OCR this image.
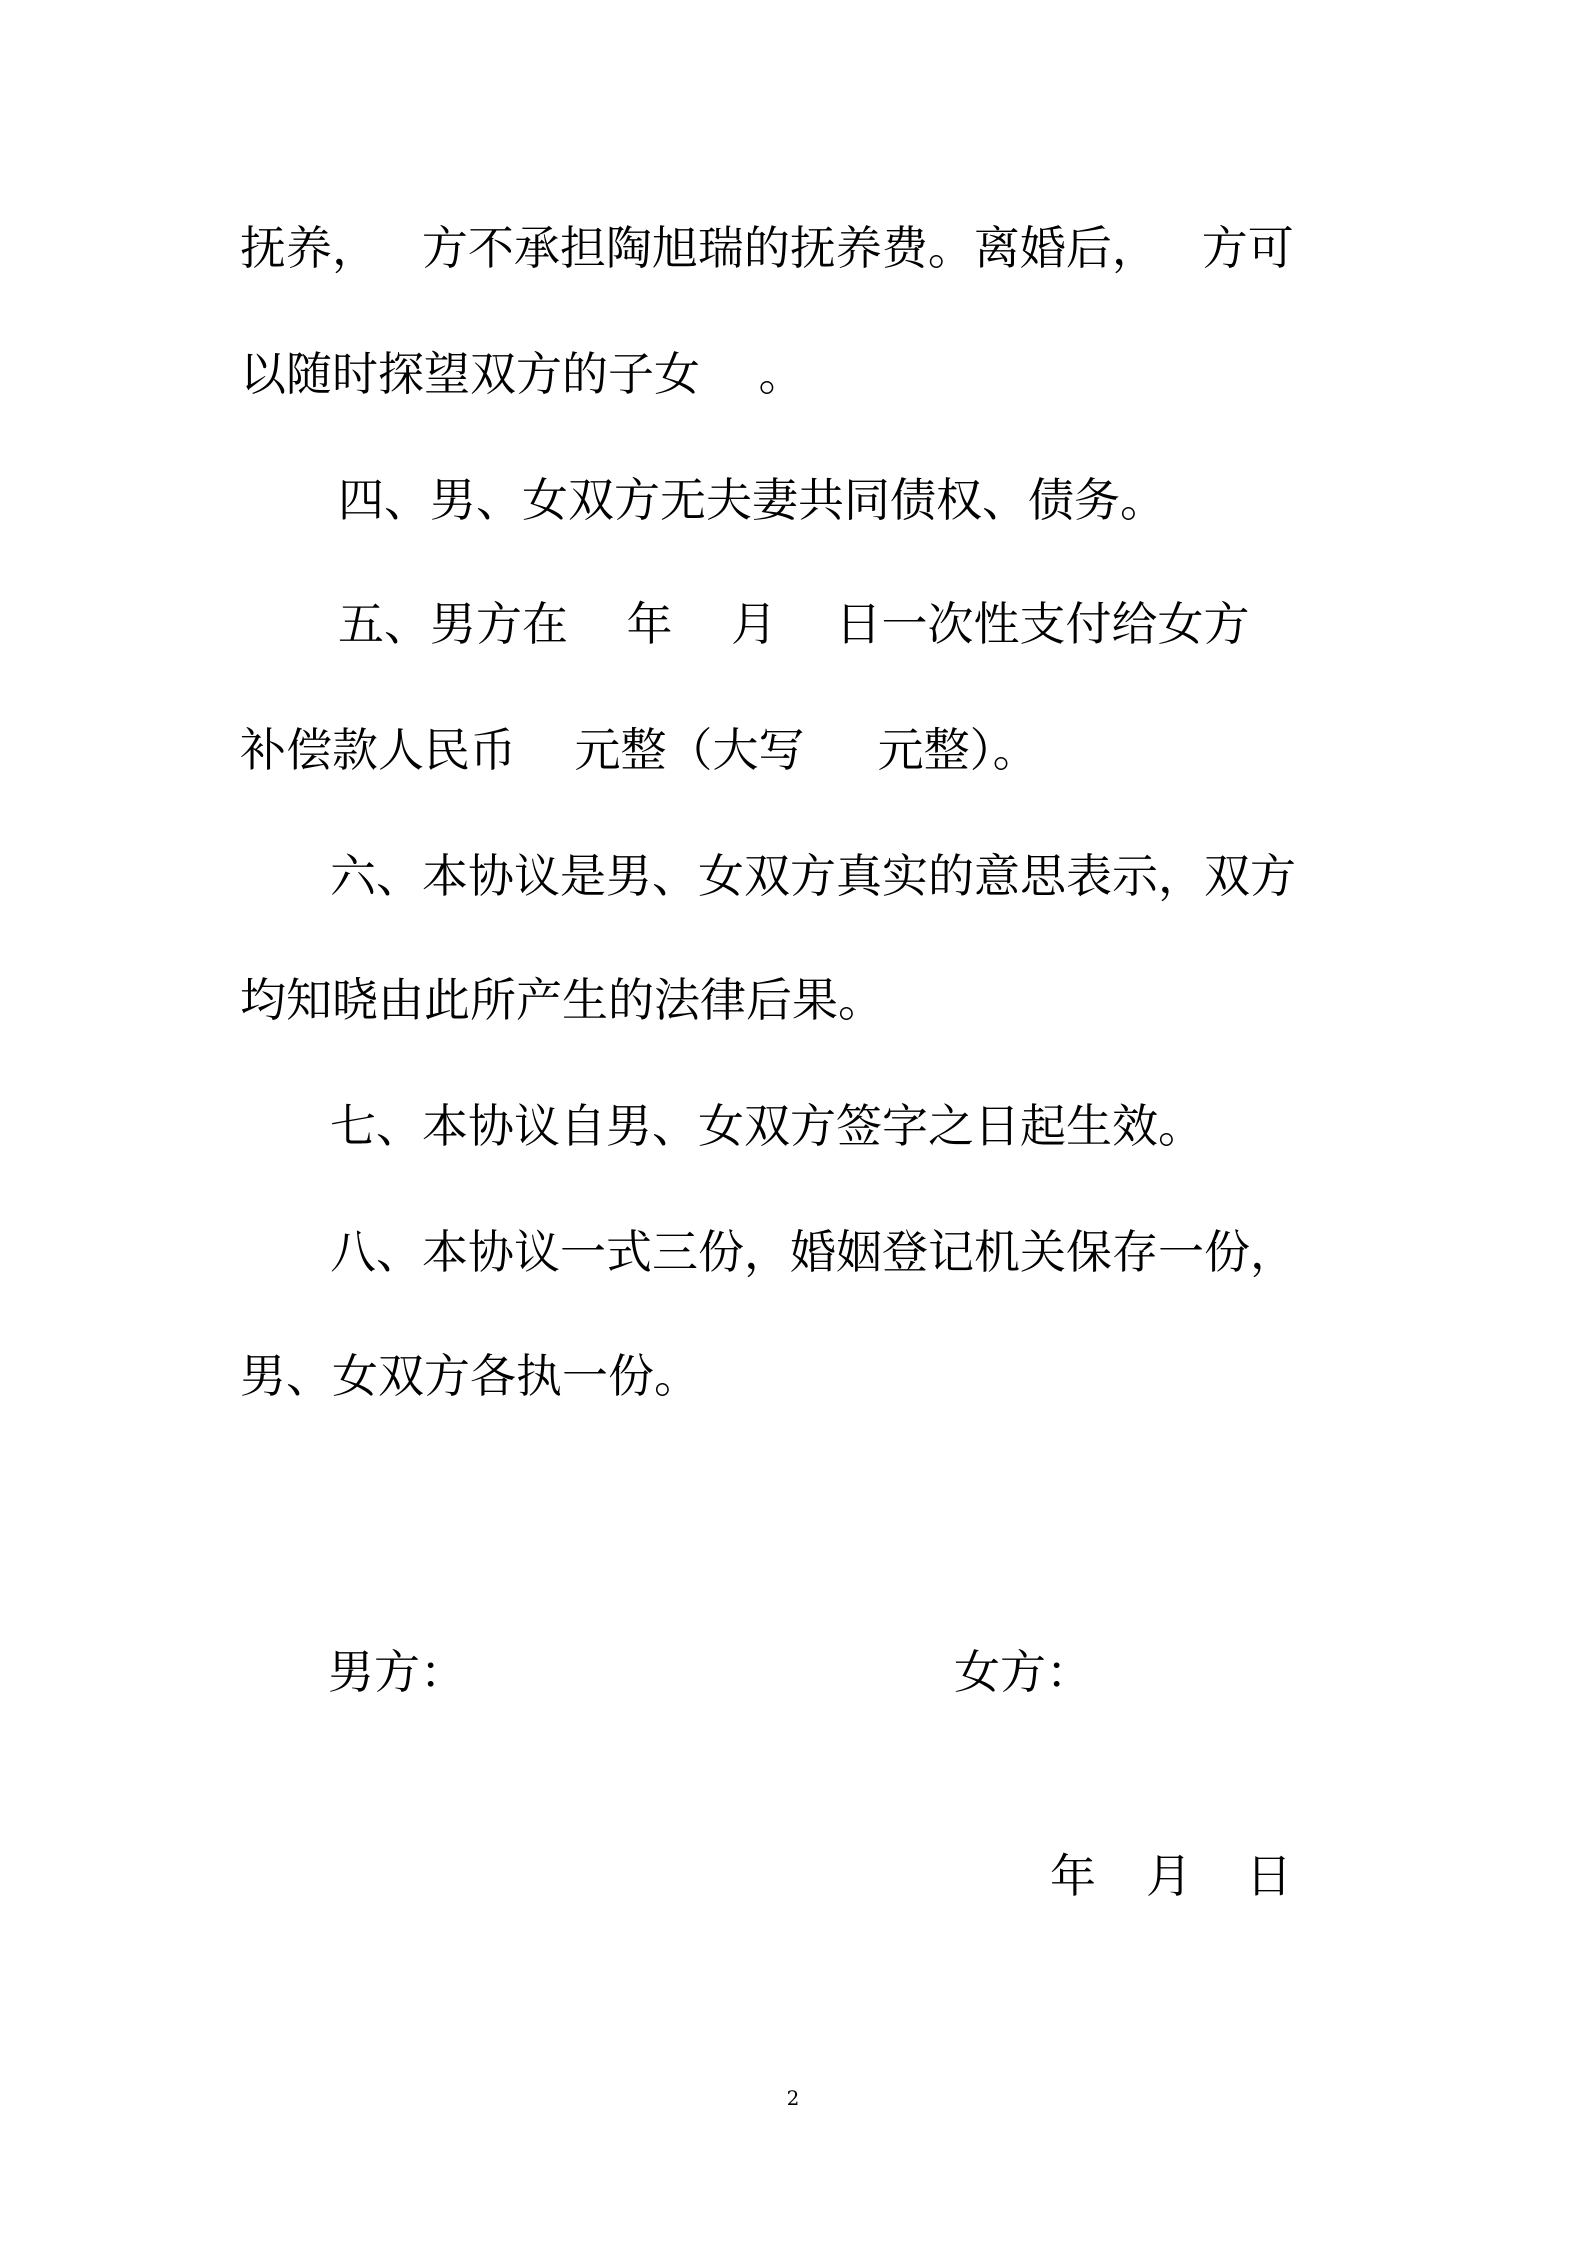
抚养，   方不承担陶旭瑞的抚养费。离婚后，   方可
以随时探望双方的子女    。
四、男、女双方无夫妻共同债权、债务。
五、男方在    年    月    日一次性支付给女方
补偿款人民币    元整（大写     元整）。
六、本协议是男、女双方真实的意思表示，双方
均知晓由此所产生的法律后果。
七、本协议自男、女双方签字之日起生效。
八、本协议一式三份，婚姻登记机关保存一份，
男、女双方各执一份。
男方：	女方：
年 月 日
2
